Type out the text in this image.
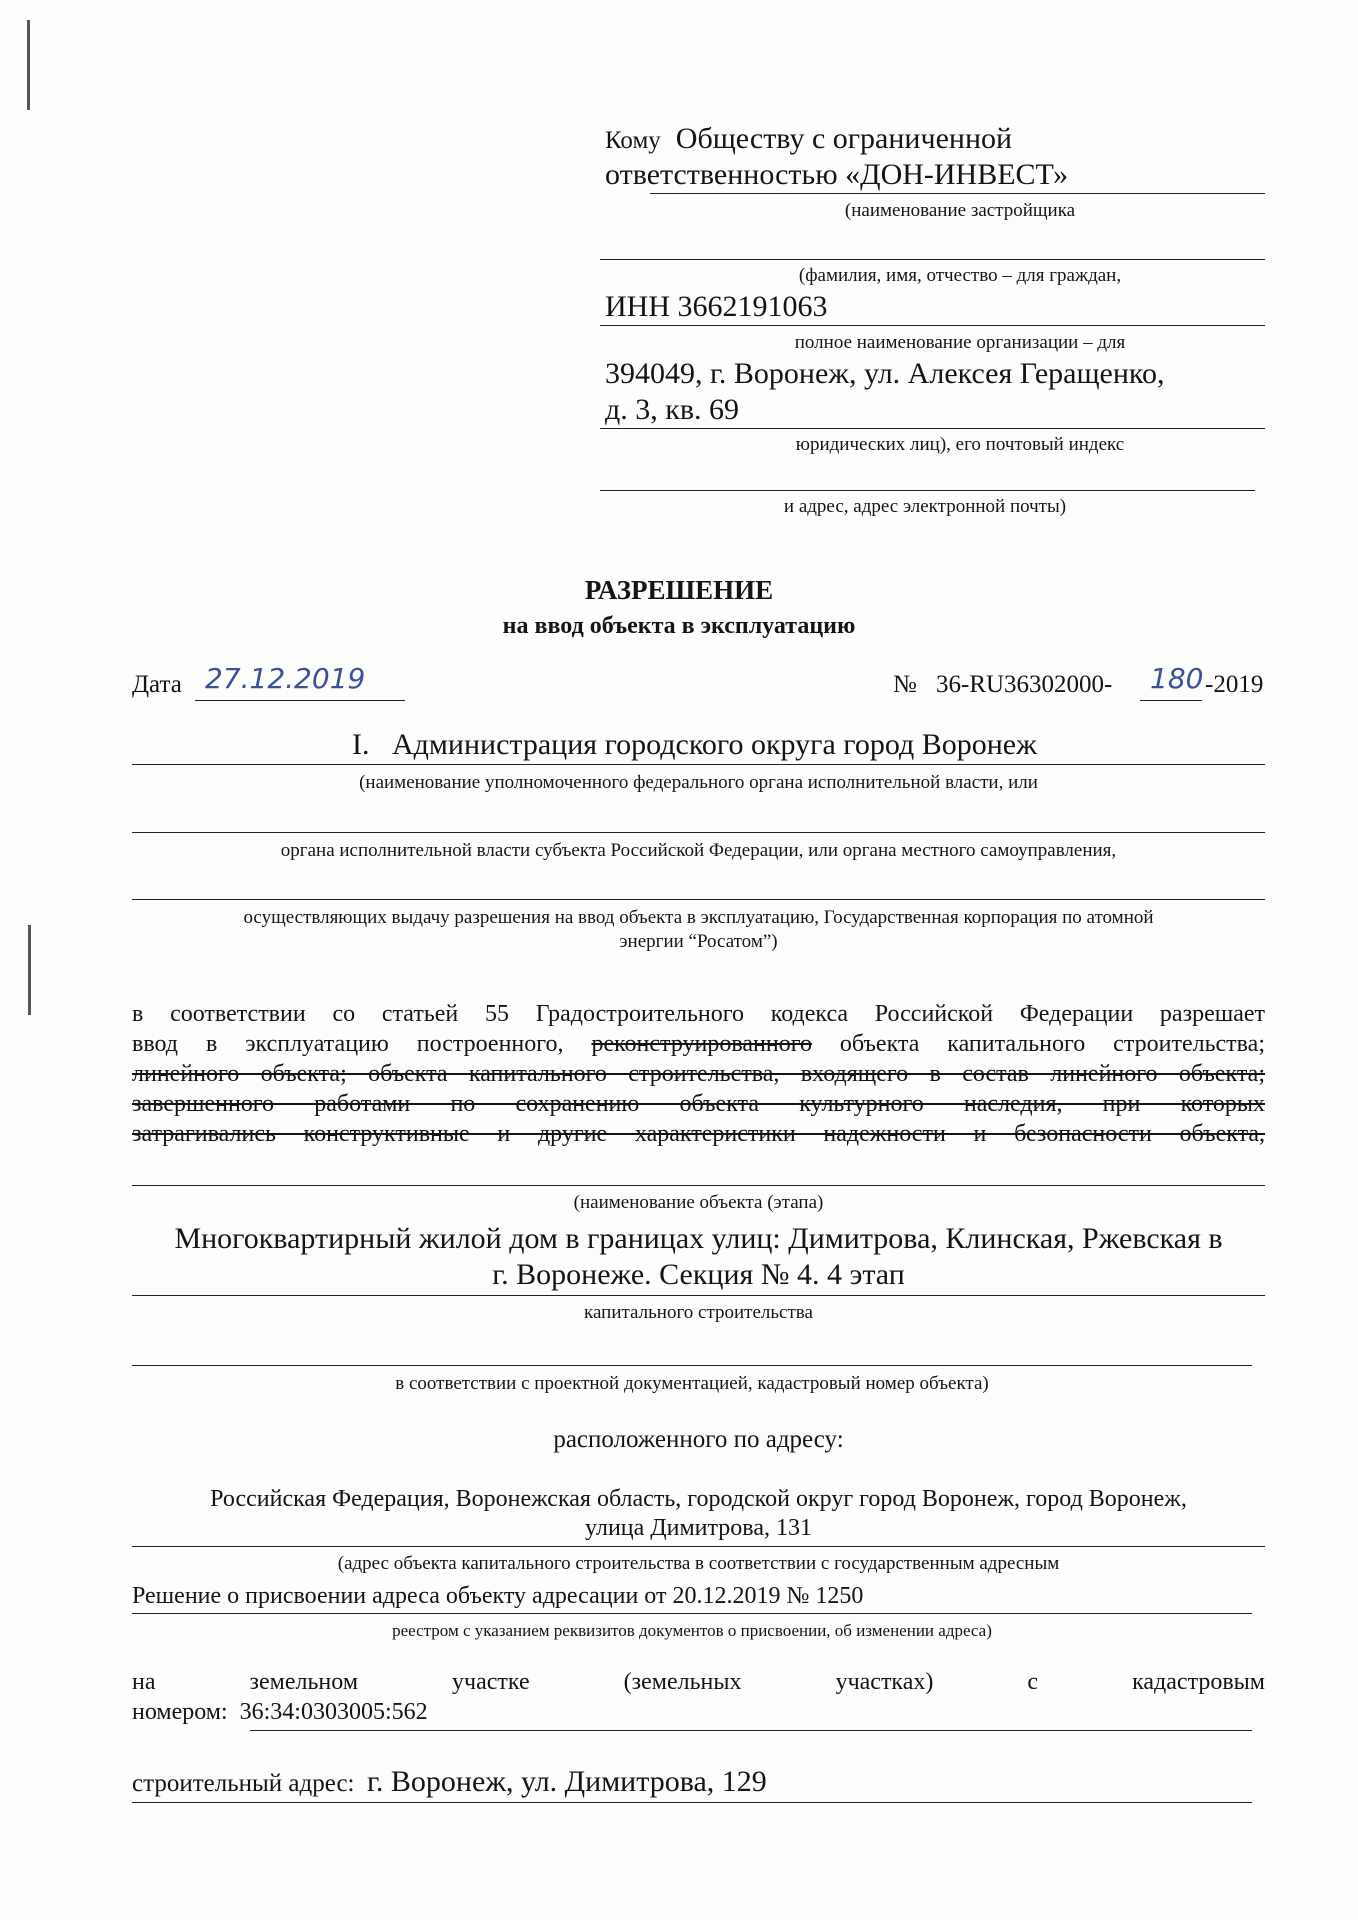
Кому Обществу с ограниченной
ответственностью «ДОН-ИНВЕСТ»
(наименование застройщика
(фамилия, имя, отчество – для граждан,
ИНН 3662191063
полное наименование организации – для
394049, г. Воронеж, ул. Алексея Геращенко,
д. 3, кв. 69
юридических лиц), его почтовый индекс
и адрес, адрес электронной почты)
РАЗРЕШЕНИЕ
на ввод объекта в эксплуатацию
Дата 27.12.2019	№ 36-RU36302000- 180 -2019
I. Администрация городского округа город Воронеж
(наименование уполномоченного федерального органа исполнительной власти, или
органа исполнительной власти субъекта Российской Федерации, или органа местного самоуправления,
осуществляющих выдачу разрешения на ввод объекта в эксплуатацию, Государственная корпорация по атомной
энергии “Росатом”)
в соответствии со статьей 55 Градостроительного кодекса Российской Федерации разрешает
ввод в эксплуатацию построенного, реконструированного объекта капитального строительства;
линейного объекта; объекта капитального строительства, входящего в состав линейного объекта;
завершенного работами по сохранению объекта культурного наследия, при которых
затрагивались конструктивные и другие характеристики надежности и безопасности объекта,
(наименование объекта (этапа)
Многоквартирный жилой дом в границах улиц: Димитрова, Клинская, Ржевская в
г. Воронеже. Секция № 4. 4 этап
капитального строительства
в соответствии с проектной документацией, кадастровый номер объекта)
расположенного по адресу:
Российская Федерация, Воронежская область, городской округ город Воронеж, город Воронеж,
улица Димитрова, 131
(адрес объекта капитального строительства в соответствии с государственным адресным
Решение о присвоении адреса объекту адресации от 20.12.2019 № 1250
реестром с указанием реквизитов документов о присвоении, об изменении адреса)
на земельном участке (земельных участках) с кадастровым
номером: 36:34:0303005:562
строительный адрес: г. Воронеж, ул. Димитрова, 129
